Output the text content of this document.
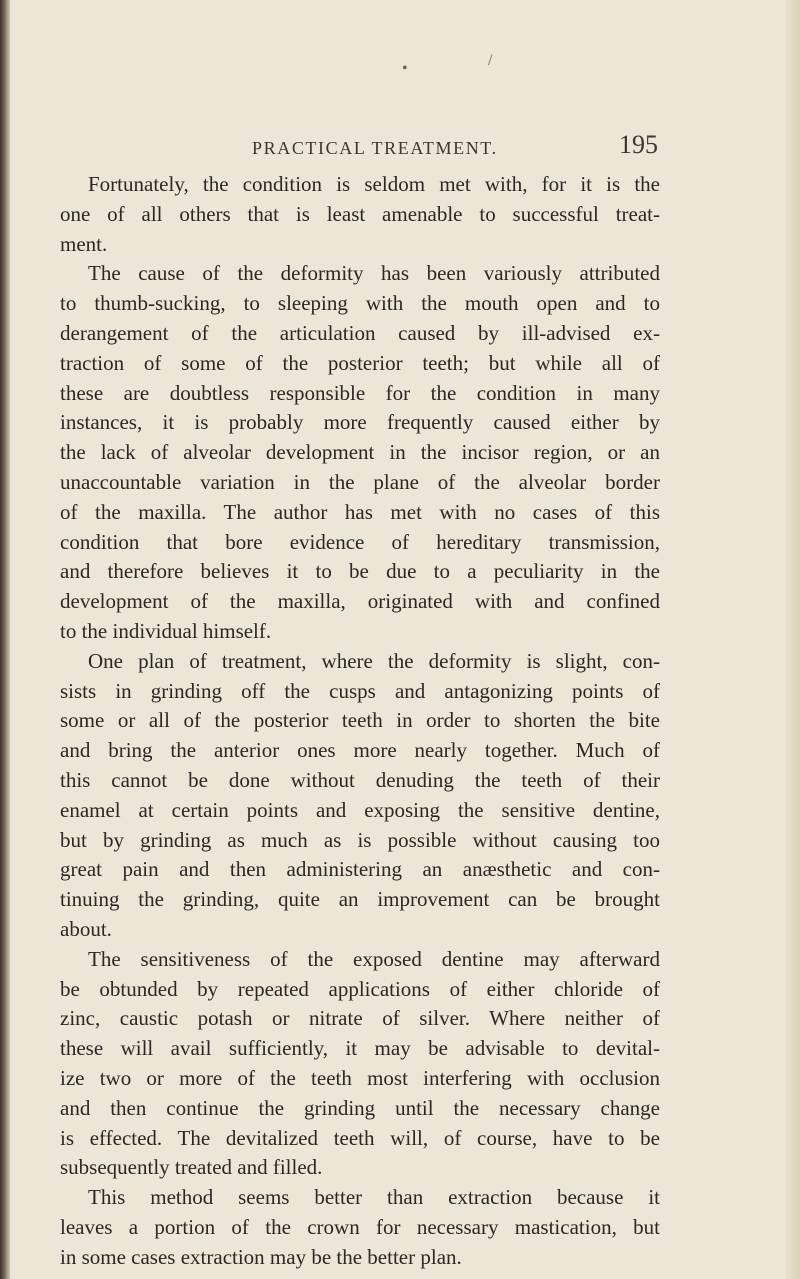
•	/
PRACTICAL TREATMENT.	195
Fortunately, the condition is seldom met with, for it is the
one of all others that is least amenable to successful treat-
ment.
The cause of the deformity has been variously attributed
to thumb-sucking, to sleeping with the mouth open and to
derangement of the articulation caused by ill-advised ex-
traction of some of the posterior teeth; but while all of
these are doubtless responsible for the condition in many
instances, it is probably more frequently caused either by
the lack of alveolar development in the incisor region, or an
unaccountable variation in the plane of the alveolar border
of the maxilla. The author has met with no cases of this
condition that bore evidence of hereditary transmission,
and therefore believes it to be due to a peculiarity in the
development of the maxilla, originated with and confined
to the individual himself.
One plan of treatment, where the deformity is slight, con-
sists in grinding off the cusps and antagonizing points of
some or all of the posterior teeth in order to shorten the bite
and bring the anterior ones more nearly together. Much of
this cannot be done without denuding the teeth of their
enamel at certain points and exposing the sensitive dentine,
but by grinding as much as is possible without causing too
great pain and then administering an anæsthetic and con-
tinuing the grinding, quite an improvement can be brought
about.
The sensitiveness of the exposed dentine may afterward
be obtunded by repeated applications of either chloride of
zinc, caustic potash or nitrate of silver. Where neither of
these will avail sufficiently, it may be advisable to devital-
ize two or more of the teeth most interfering with occlusion
and then continue the grinding until the necessary change
is effected. The devitalized teeth will, of course, have to be
subsequently treated and filled.
This method seems better than extraction because it
leaves a portion of the crown for necessary mastication, but
in some cases extraction may be the better plan.
